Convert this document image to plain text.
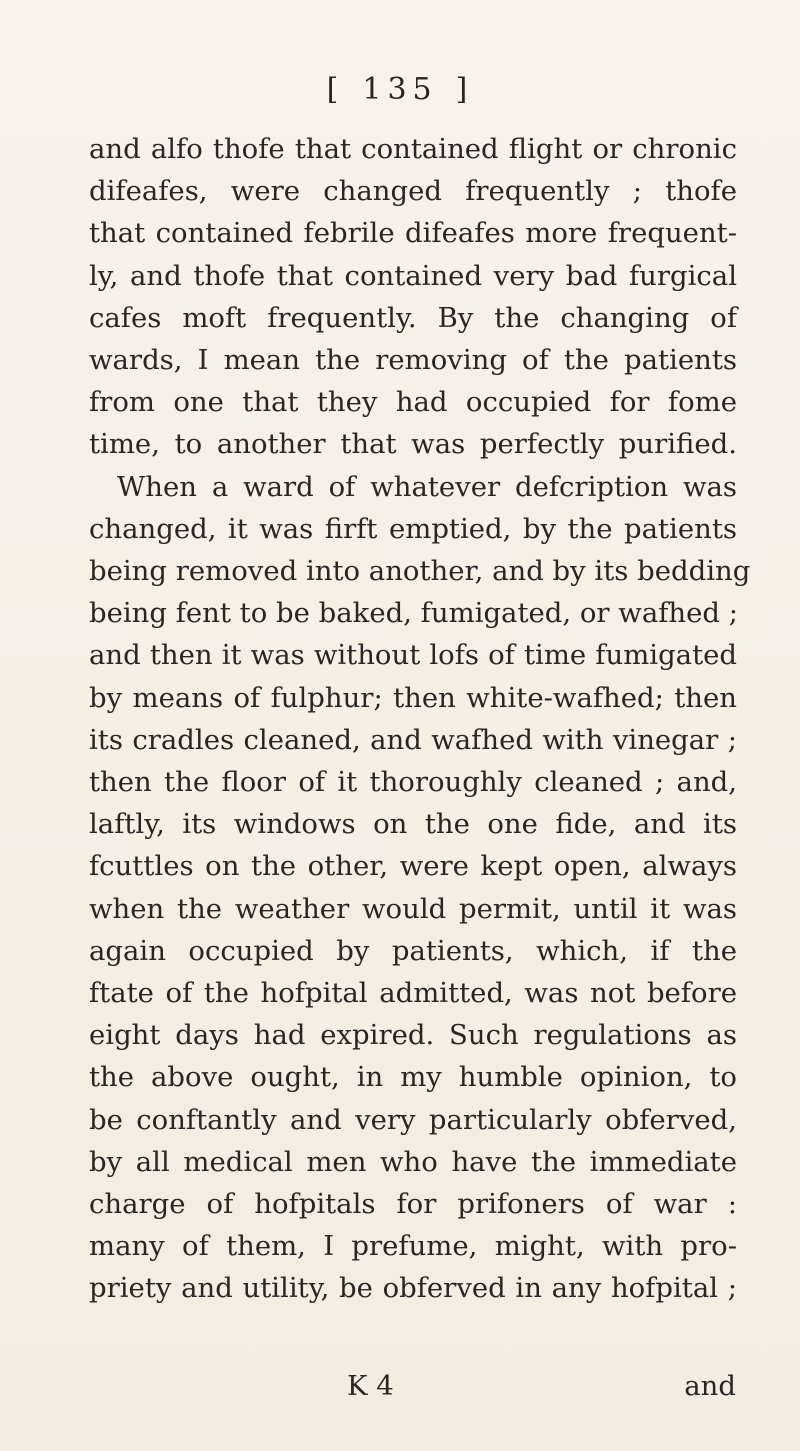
[ 135 ]
and alfo thofe that contained flight or chronic
difeafes, were changed frequently ; thofe
that contained febrile difeafes more frequent-
ly, and thofe that contained very bad furgical
cafes moft frequently. By the changing of
wards, I mean the removing of the patients
from one that they had occupied for fome
time, to another that was perfectly purified.
When a ward of whatever defcription was
changed, it was firft emptied, by the patients
being removed into another, and by its bedding
being fent to be baked, fumigated, or wafhed ;
and then it was without lofs of time fumigated
by means of fulphur; then white-wafhed; then
its cradles cleaned, and wafhed with vinegar ;
then the floor of it thoroughly cleaned ; and,
laftly, its windows on the one fide, and its
fcuttles on the other, were kept open, always
when the weather would permit, until it was
again occupied by patients, which, if the
ftate of the hofpital admitted, was not before
eight days had expired. Such regulations as
the above ought, in my humble opinion, to
be conftantly and very particularly obferved,
by all medical men who have the immediate
charge of hofpitals for prifoners of war :
many of them, I prefume, might, with pro-
priety and utility, be obferved in any hofpital ;
K 4	and
